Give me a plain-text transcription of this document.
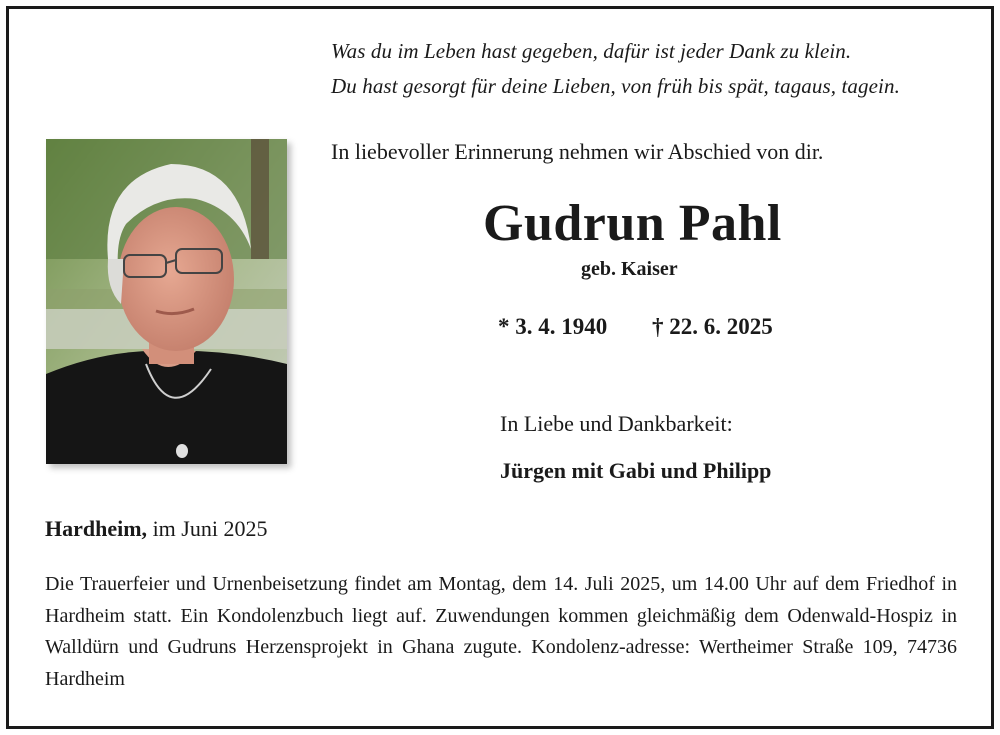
Was du im Leben hast gegeben, dafür ist jeder Dank zu klein.
Du hast gesorgt für deine Lieben, von früh bis spät, tagaus, tagein.
In liebevoller Erinnerung nehmen wir Abschied von dir.
Gudrun Pahl
geb. Kaiser
* 3. 4. 1940 † 22. 6. 2025
In Liebe und Dankbarkeit:
Jürgen mit Gabi und Philipp
Hardheim, im Juni 2025
Die Trauerfeier und Urnenbeisetzung findet am Montag, dem 14. Juli 2025, um 14.00 Uhr auf dem Friedhof in Hardheim statt. Ein Kondolenzbuch liegt auf. Zuwendungen kommen gleichmäßig dem Odenwald-Hospiz in Walldürn und Gudruns Herzensprojekt in Ghana zugute. Kondolenz-adresse: Wertheimer Straße 109, 74736 Hardheim
